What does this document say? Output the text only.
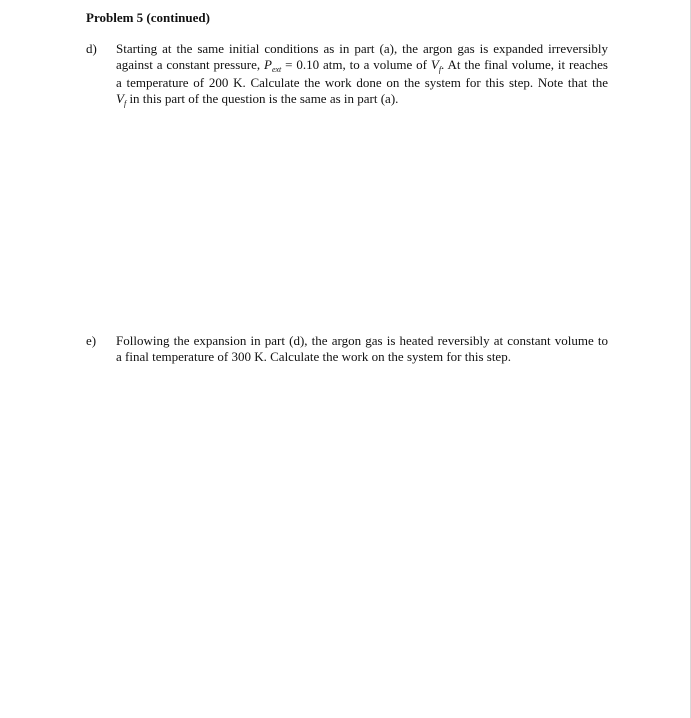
Problem 5 (continued)
d) Starting at the same initial conditions as in part (a), the argon gas is expanded irreversibly
against a constant pressure, $P_{ext} = 0.10$ atm, to a volume of $V_f$. At the final volume, it reaches
a temperature of 200 K. Calculate the work done on the system for this step. Note that the
$V_f$ in this part of the question is the same as in part (a).
e) Following the expansion in part (d), the argon gas is heated reversibly at constant volume to
a final temperature of 300 K. Calculate the work on the system for this step.
